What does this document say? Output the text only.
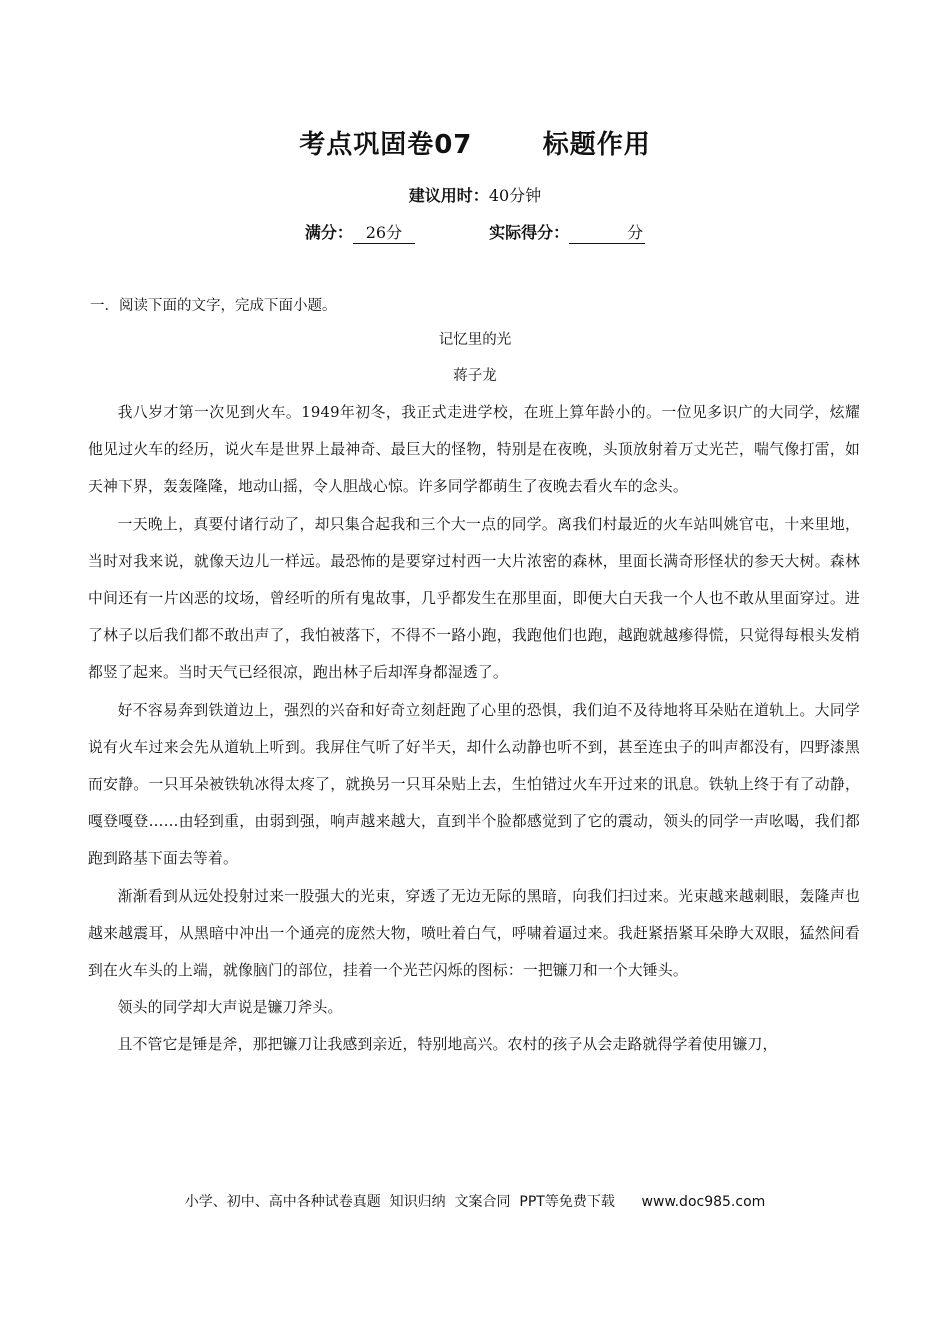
考点巩固卷07       标题作用
建议用时：40分钟
满分： 26分	实际得分：	分
一．阅读下面的文字，完成下面小题。
记忆里的光
蒋子龙

我八岁才第一次见到火车。1949年初冬，我正式走进学校，在班上算年龄小的。一位见多识广的大同学，炫耀他见过火车的经历，说火车是世界上最神奇、最巨大的怪物，特别是在夜晚，头顶放射着万丈光芒，喘气像打雷，如天神下界，轰轰隆隆，地动山摇，令人胆战心惊。许多同学都萌生了夜晚去看火车的念头。

一天晚上，真要付诸行动了，却只集合起我和三个大一点的同学。离我们村最近的火车站叫姚官屯，十来里地，当时对我来说，就像天边儿一样远。最恐怖的是要穿过村西一大片浓密的森林，里面长满奇形怪状的参天大树。森林中间还有一片凶恶的坟场，曾经听的所有鬼故事，几乎都发生在那里面，即便大白天我一个人也不敢从里面穿过。进了林子以后我们都不敢出声了，我怕被落下，不得不一路小跑，我跑他们也跑，越跑就越瘆得慌，只觉得每根头发梢都竖了起来。当时天气已经很凉，跑出林子后却浑身都湿透了。

好不容易奔到铁道边上，强烈的兴奋和好奇立刻赶跑了心里的恐惧，我们迫不及待地将耳朵贴在道轨上。大同学说有火车过来会先从道轨上听到。我屏住气听了好半天，却什么动静也听不到，甚至连虫子的叫声都没有，四野漆黑而安静。一只耳朵被铁轨冰得太疼了，就换另一只耳朵贴上去，生怕错过火车开过来的讯息。铁轨上终于有了动静，嘎登嘎登……由轻到重，由弱到强，响声越来越大，直到半个脸都感觉到了它的震动，领头的同学一声吆喝，我们都跑到路基下面去等着。

渐渐看到从远处投射过来一股强大的光束，穿透了无边无际的黑暗，向我们扫过来。光束越来越刺眼，轰隆声也越来越震耳，从黑暗中冲出一个通亮的庞然大物，喷吐着白气，呼啸着逼过来。我赶紧捂紧耳朵睁大双眼，猛然间看到在火车头的上端，就像脑门的部位，挂着一个光芒闪烁的图标：一把镰刀和一个大锤头。

领头的同学却大声说是镰刀斧头。

且不管它是锤是斧，那把镰刀让我感到亲近，特别地高兴。农村的孩子从会走路就得学着使用镰刀，

小学、初中、高中各种试卷真题  知识归纳  文案合同  PPT等免费下载      www.doc985.com
